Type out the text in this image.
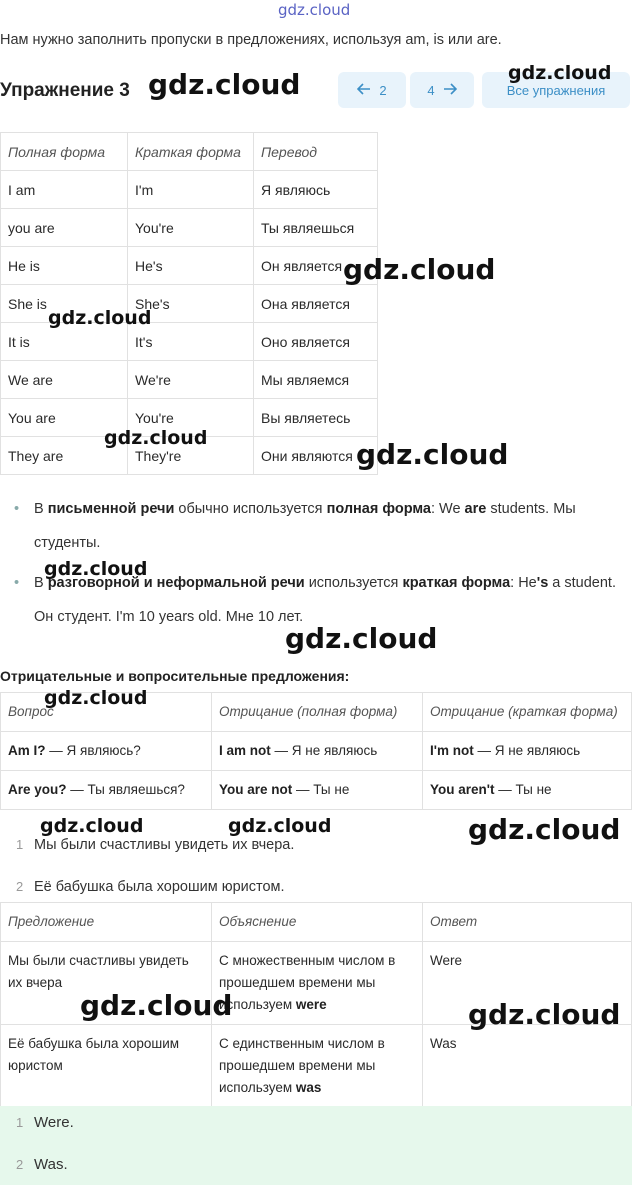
gdz.cloud
gdz.cloud	gdz.cloud
gdz.cloud
gdz.cloud
gdz.cloud	gdz.cloud
gdz.cloud
gdz.cloud
gdz.cloud
gdz.cloud	gdz.cloud	gdz.cloud
gdz.cloud	gdz.cloud
Нам нужно заполнить пропуски в предложениях, используя am, is или are.
Упражнение 3	2	4	Все упражнения
Полная форма	Краткая форма	Перевод
I am	I'm	Я являюсь
you are	You're	Ты являешься
He is	He's	Он является
She is	She's	Она является
It is	It's	Оно является
We are	We're	Мы являемся
You are	You're	Вы являетесь
They are	They're	Они являются
• В письменной речи обычно используется полная форма: We are students. Мы студенты.
• В разговорной и неформальной речи используется краткая форма: He's a student. Он студент. I'm 10 years old. Мне 10 лет.
Отрицательные и вопросительные предложения:
Вопрос	Отрицание (полная форма)	Отрицание (краткая форма)
Am I? — Я являюсь?	I am not — Я не являюсь	I'm not — Я не являюсь
Are you? — Ты являешься?	You are not — Ты не	You aren't — Ты не
1 Мы были счастливы увидеть их вчера.
2 Её бабушка была хорошим юристом.
Предложение	Объяснение	Ответ
Мы были счастливы увидеть их вчера	С множественным числом в прошедшем времени мы используем were	Were
Её бабушка была хорошим юристом	С единственным числом в прошедшем времени мы используем was	Was
1 Were.
2 Was.
